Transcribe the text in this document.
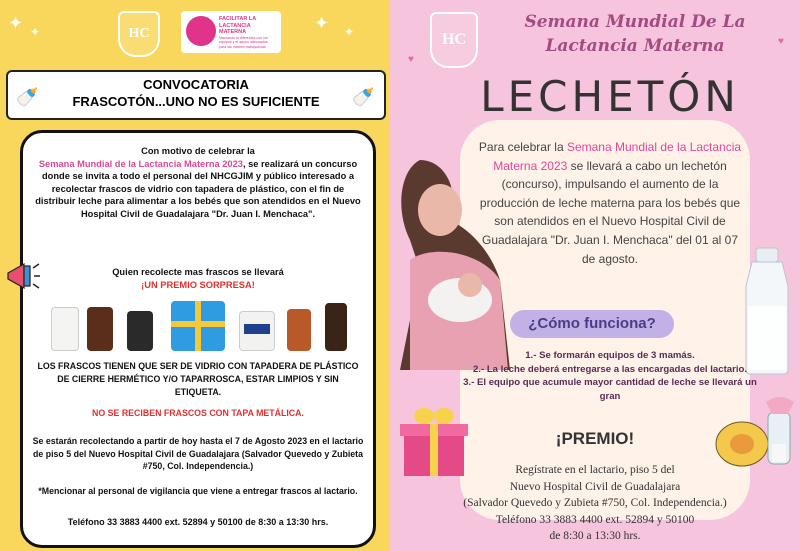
✦ ✦	✦ ✦
HC
FACILITAR LA
LACTANCIA
MATERNA
Marcando la diferencia con los
equipos y el apoyo adecuados
para las madres trabajadoras
CONVOCATORIA
FRASCOTÓN...UNO NO ES SUFICIENTE
🍼	🍼
Con motivo de celebrar la
Semana Mundial de la Lactancia Materna 2023, se realizará un concurso donde se invita a todo el personal del NHCGJIM y público interesado a recolectar frascos de vidrio con tapadera de plástico, con el fin de distribuir leche para alimentar a los bebés que son atendidos en el Nuevo Hospital Civil de Guadalajara "Dr. Juan I. Menchaca".
Quien recolecte mas frascos se llevará
¡UN PREMIO SORPRESA!
LOS FRASCOS TIENEN QUE SER DE VIDRIO CON TAPADERA DE PLÁSTICO DE CIERRE HERMÉTICO Y/O TAPARROSCA, ESTAR LIMPIOS Y SIN ETIQUETA.
NO SE RECIBEN FRASCOS CON TAPA METÁLICA.
Se estarán recolectando a partir de hoy hasta el 7 de Agosto 2023 en el lactario de piso 5 del Nuevo Hospital Civil de Guadalajara (Salvador Quevedo y Zubieta #750, Col. Independencia.)
*Mencionar al personal de vigilancia que viene a entregar frascos al lactario.
Teléfono 33 3883 4400 ext. 52894 y 50100 de 8:30 a 13:30 hrs.
HC
Semana Mundial De La
Lactancia Materna
♥
♥
LECHETÓN
Para celebrar la Semana Mundial de la Lactancia Materna 2023 se llevará a cabo un lechetón (concurso), impulsando el aumento de la producción de leche materna para los bebés que son atendidos en el Nuevo Hospital Civil de Guadalajara "Dr. Juan I. Menchaca" del 01 al 07 de agosto.
¿Cómo funciona?
1.- Se formarán equipos de 3 mamás.
2.- La leche deberá entregarse a las encargadas del lactario.
3.- El equipo que acumule mayor cantidad de leche se llevará un gran
¡PREMIO!
Regístrate en el lactario, piso 5 del
Nuevo Hospital Civil de Guadalajara
(Salvador Quevedo y Zubieta #750, Col. Independencia.)
Teléfono 33 3883 4400 ext. 52894 y 50100
de 8:30 a 13:30 hrs.
